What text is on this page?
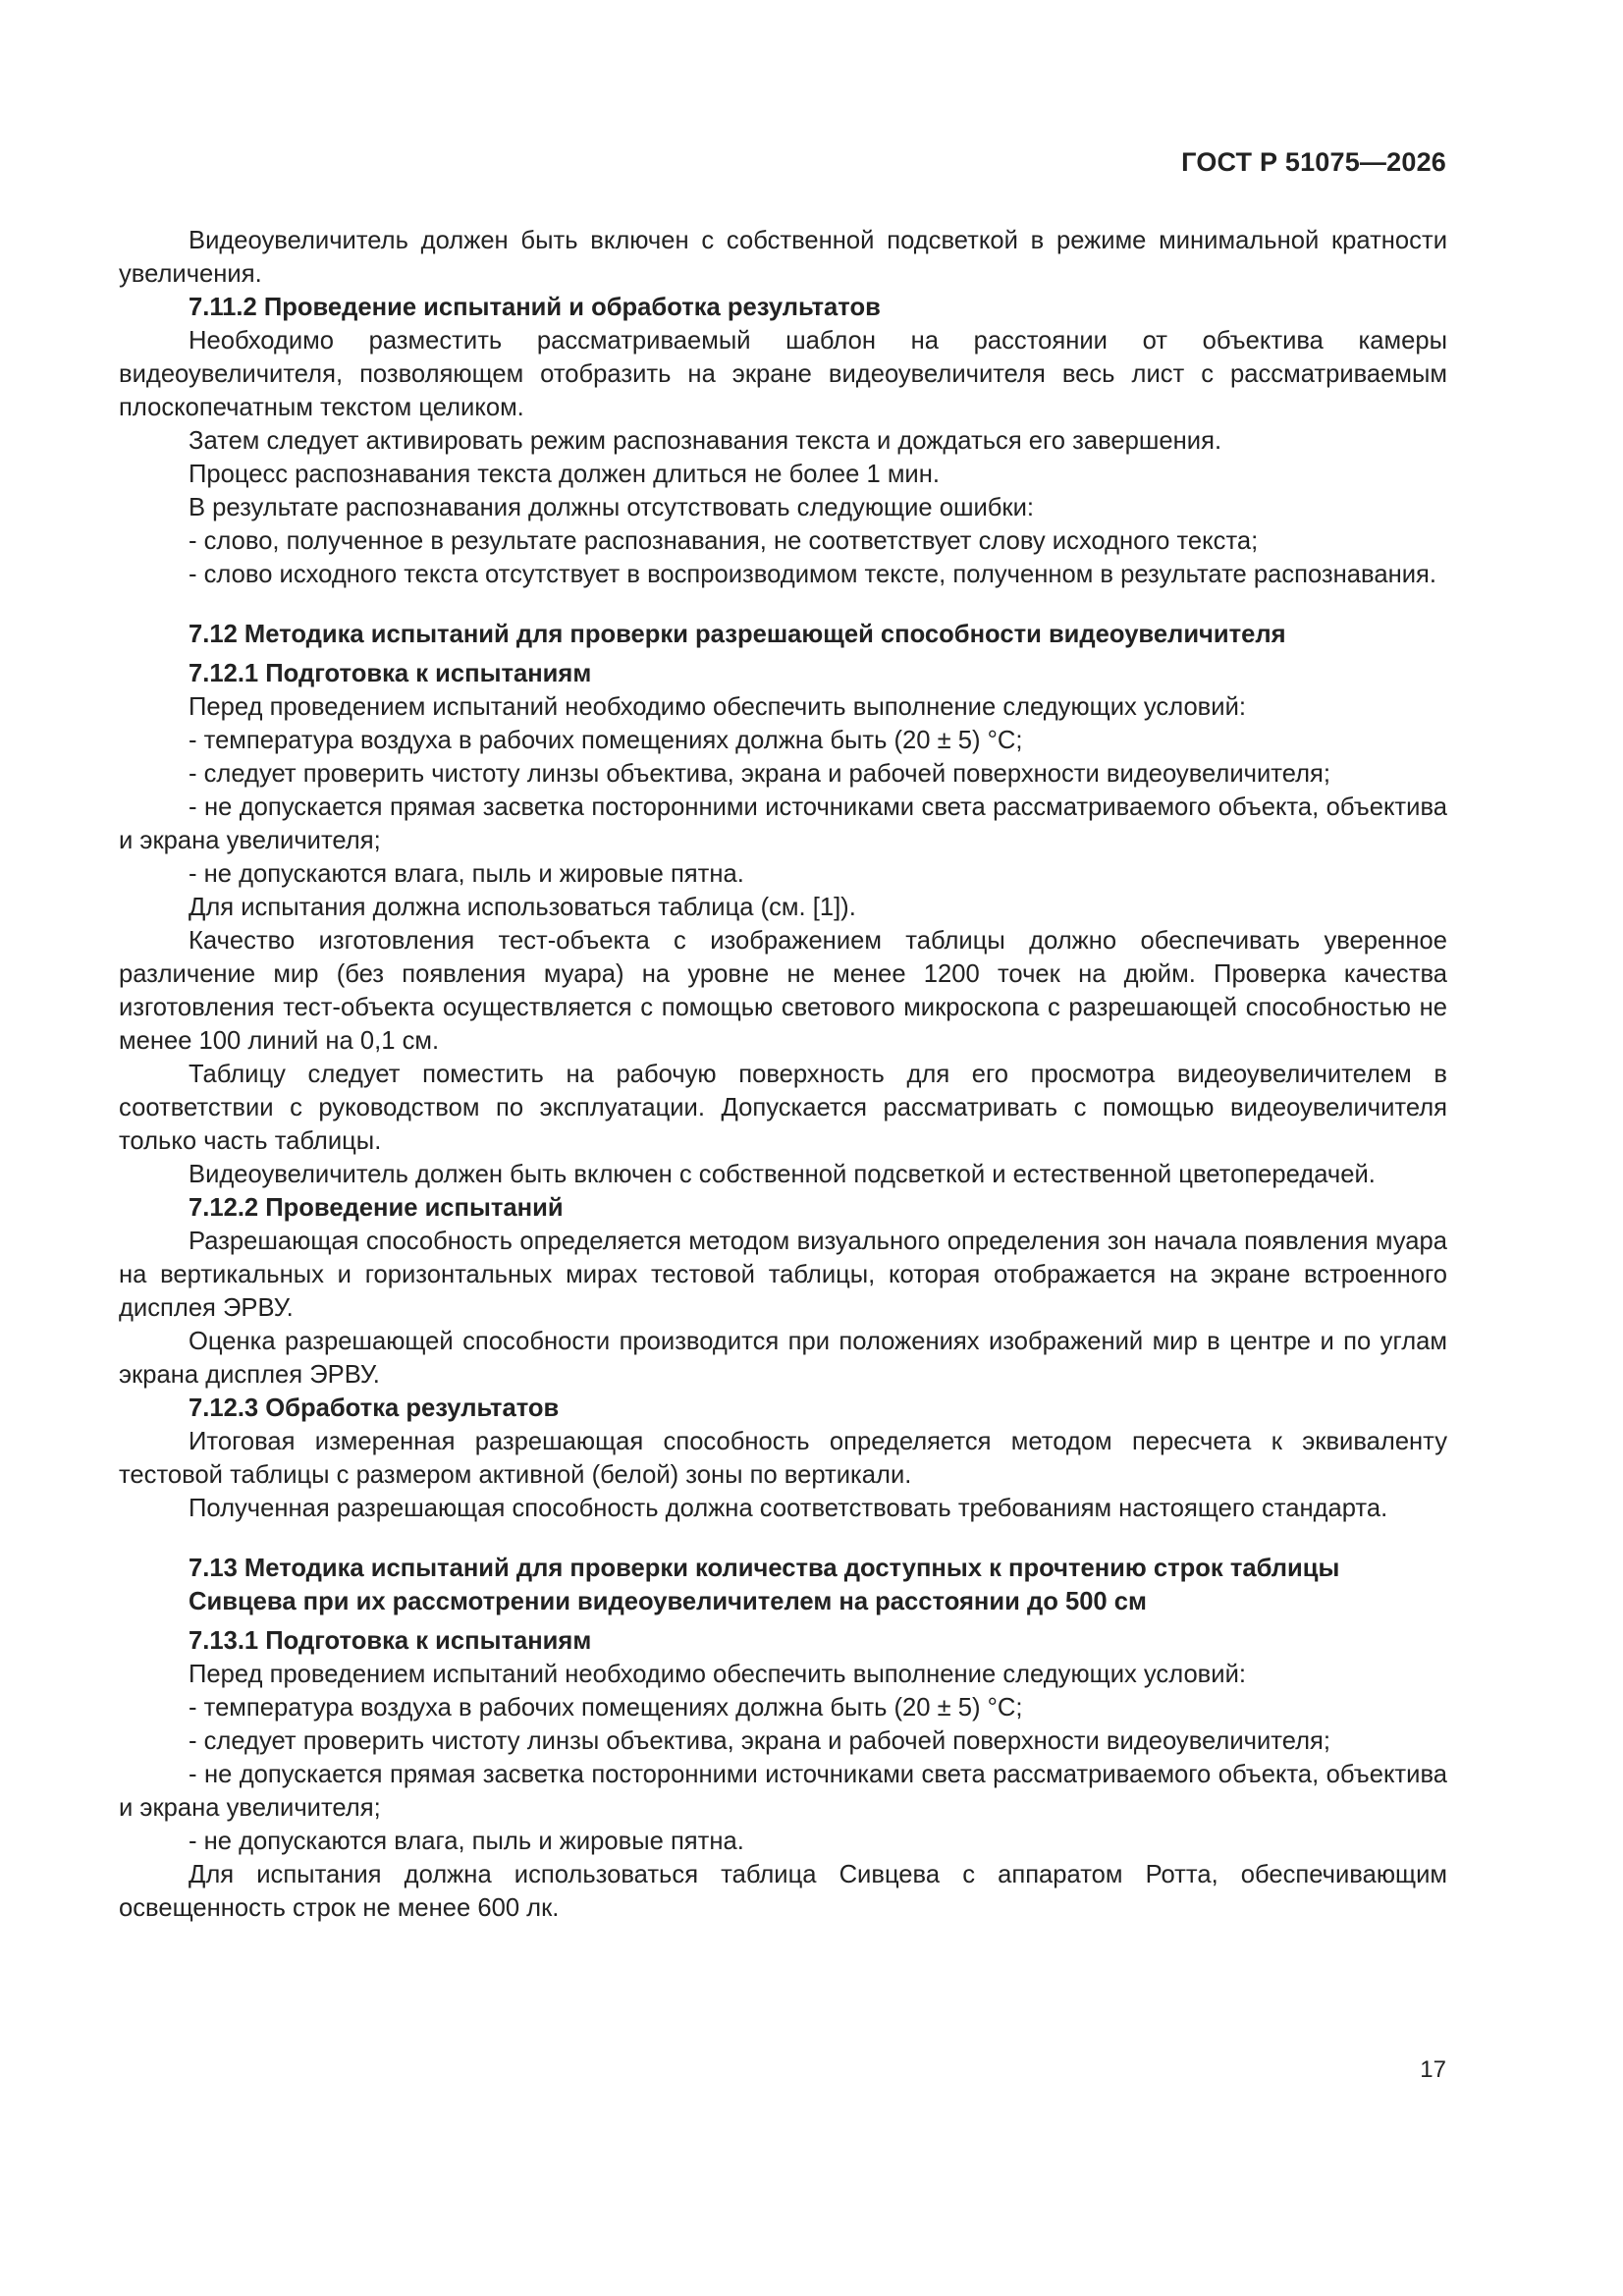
ГОСТ Р 51075—2026

Видеоувеличитель должен быть включен с собственной подсветкой в режиме минимальной кратности увеличения.

7.11.2 Проведение испытаний и обработка результатов

Необходимо разместить рассматриваемый шаблон на расстоянии от объектива камеры видеоувеличителя, позволяющем отобразить на экране видеоувеличителя весь лист с рассматриваемым плоскопечатным текстом целиком.

Затем следует активировать режим распознавания текста и дождаться его завершения.

Процесс распознавания текста должен длиться не более 1 мин.

В результате распознавания должны отсутствовать следующие ошибки:

- слово, полученное в результате распознавания, не соответствует слову исходного текста;

- слово исходного текста отсутствует в воспроизводимом тексте, полученном в результате распознавания.

7.12 Методика испытаний для проверки разрешающей способности видеоувеличителя

7.12.1 Подготовка к испытаниям

Перед проведением испытаний необходимо обеспечить выполнение следующих условий:

- температура воздуха в рабочих помещениях должна быть (20 ± 5) °С;

- следует проверить чистоту линзы объектива, экрана и рабочей поверхности видеоувеличителя;

- не допускается прямая засветка посторонними источниками света рассматриваемого объекта, объектива и экрана увеличителя;

- не допускаются влага, пыль и жировые пятна.

Для испытания должна использоваться таблица (см. [1]).

Качество изготовления тест-объекта с изображением таблицы должно обеспечивать уверенное различение мир (без появления муара) на уровне не менее 1200 точек на дюйм. Проверка качества изготовления тест-объекта осуществляется с помощью светового микроскопа с разрешающей способностью не менее 100 линий на 0,1 см.

Таблицу следует поместить на рабочую поверхность для его просмотра видеоувеличителем в соответствии с руководством по эксплуатации. Допускается рассматривать с помощью видеоувеличителя только часть таблицы.

Видеоувеличитель должен быть включен с собственной подсветкой и естественной цветопередачей.

7.12.2 Проведение испытаний

Разрешающая способность определяется методом визуального определения зон начала появления муара на вертикальных и горизонтальных мирах тестовой таблицы, которая отображается на экране встроенного дисплея ЭРВУ.

Оценка разрешающей способности производится при положениях изображений мир в центре и по углам экрана дисплея ЭРВУ.

7.12.3 Обработка результатов

Итоговая измеренная разрешающая способность определяется методом пересчета к эквиваленту тестовой таблицы с размером активной (белой) зоны по вертикали.

Полученная разрешающая способность должна соответствовать требованиям настоящего стандарта.

7.13 Методика испытаний для проверки количества доступных к прочтению строк таблицы Сивцева при их рассмотрении видеоувеличителем на расстоянии до 500 см

7.13.1 Подготовка к испытаниям

Перед проведением испытаний необходимо обеспечить выполнение следующих условий:

- температура воздуха в рабочих помещениях должна быть (20 ± 5) °С;

- следует проверить чистоту линзы объектива, экрана и рабочей поверхности видеоувеличителя;

- не допускается прямая засветка посторонними источниками света рассматриваемого объекта, объектива и экрана увеличителя;

- не допускаются влага, пыль и жировые пятна.

Для испытания должна использоваться таблица Сивцева с аппаратом Ротта, обеспечивающим освещенность строк не менее 600 лк.

17
